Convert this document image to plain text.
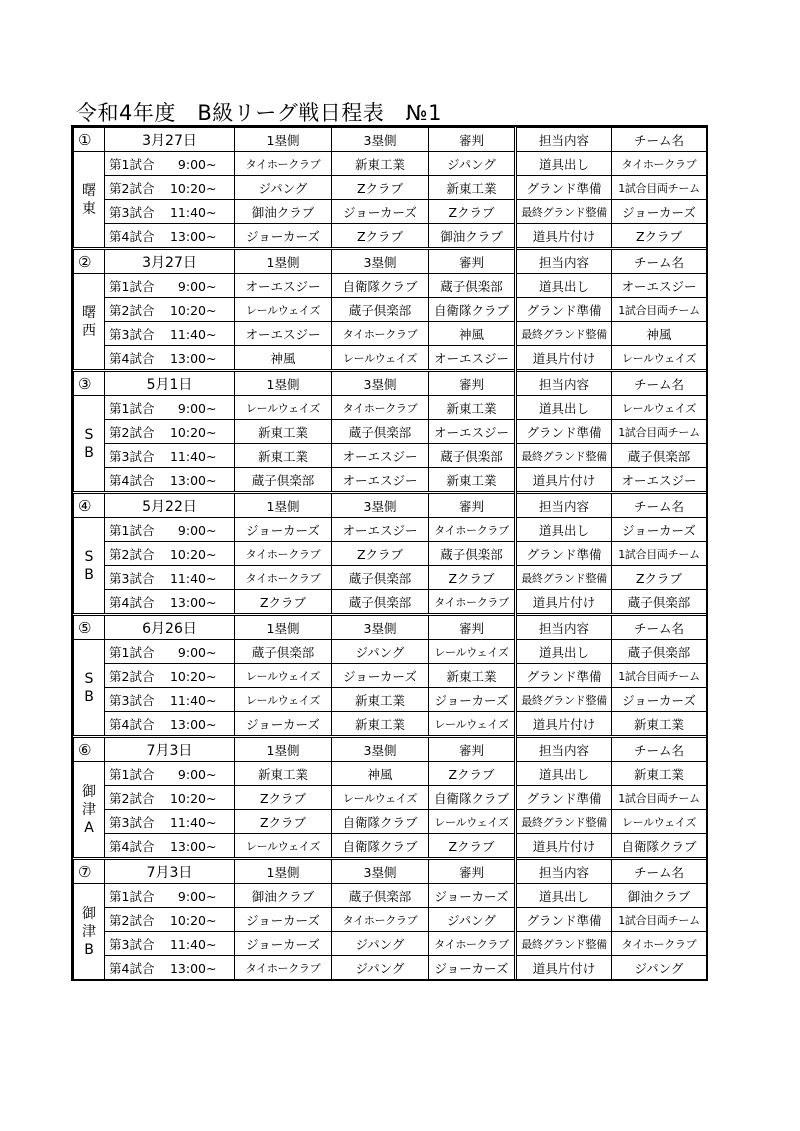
令和4年度　B級リーグ戦日程表　№1
①	3月27日	1塁側	3塁側	審判	担当内容	チーム名

曙
東	第1試合 9:00~	タイホークラブ	新東工業	ジパング	道具出し	タイホークラブ
	第2試合 10:20~	ジパング	Zクラブ	新東工業	グランド準備	1試合目両チーム
	第3試合 11:40~	御油クラブ	ジョーカーズ	Zクラブ	最終グランド整備	ジョーカーズ
	第4試合 13:00~	ジョーカーズ	Zクラブ	御油クラブ	道具片付け	Zクラブ
②	3月27日	1塁側	3塁側	審判	担当内容	チーム名

曙
西	第1試合 9:00~	オーエスジー	自衛隊クラブ	蔵子倶楽部	道具出し	オーエスジー
	第2試合 10:20~	レールウェイズ	蔵子倶楽部	自衛隊クラブ	グランド準備	1試合目両チーム
	第3試合 11:40~	オーエスジー	タイホークラブ	神風	最終グランド整備	神風
	第4試合 13:00~	神風	レールウェイズ	オーエスジー	道具片付け	レールウェイズ
③	5月1日	1塁側	3塁側	審判	担当内容	チーム名

S
B	第1試合 9:00~	レールウェイズ	タイホークラブ	新東工業	道具出し	レールウェイズ
	第2試合 10:20~	新東工業	蔵子倶楽部	オーエスジー	グランド準備	1試合目両チーム
	第3試合 11:40~	新東工業	オーエスジー	蔵子倶楽部	最終グランド整備	蔵子倶楽部
	第4試合 13:00~	蔵子倶楽部	オーエスジー	新東工業	道具片付け	オーエスジー
④	5月22日	1塁側	3塁側	審判	担当内容	チーム名

S
B	第1試合 9:00~	ジョーカーズ	オーエスジー	タイホークラブ	道具出し	ジョーカーズ
	第2試合 10:20~	タイホークラブ	Zクラブ	蔵子倶楽部	グランド準備	1試合目両チーム
	第3試合 11:40~	タイホークラブ	蔵子倶楽部	Zクラブ	最終グランド整備	Zクラブ
	第4試合 13:00~	Zクラブ	蔵子倶楽部	タイホークラブ	道具片付け	蔵子倶楽部
⑤	6月26日	1塁側	3塁側	審判	担当内容	チーム名

S
B	第1試合 9:00~	蔵子倶楽部	ジパング	レールウェイズ	道具出し	蔵子倶楽部
	第2試合 10:20~	レールウェイズ	ジョーカーズ	新東工業	グランド準備	1試合目両チーム
	第3試合 11:40~	レールウェイズ	新東工業	ジョーカーズ	最終グランド整備	ジョーカーズ
	第4試合 13:00~	ジョーカーズ	新東工業	レールウェイズ	道具片付け	新東工業
⑥	7月3日	1塁側	3塁側	審判	担当内容	チーム名

御
津
A	第1試合 9:00~	新東工業	神風	Zクラブ	道具出し	新東工業
	第2試合 10:20~	Zクラブ	レールウェイズ	自衛隊クラブ	グランド準備	1試合目両チーム
	第3試合 11:40~	Zクラブ	自衛隊クラブ	レールウェイズ	最終グランド整備	レールウェイズ
	第4試合 13:00~	レールウェイズ	自衛隊クラブ	Zクラブ	道具片付け	自衛隊クラブ
⑦	7月3日	1塁側	3塁側	審判	担当内容	チーム名

御
津
B	第1試合 9:00~	御油クラブ	蔵子倶楽部	ジョーカーズ	道具出し	御油クラブ
	第2試合 10:20~	ジョーカーズ	タイホークラブ	ジパング	グランド準備	1試合目両チーム
	第3試合 11:40~	ジョーカーズ	ジパング	タイホークラブ	最終グランド整備	タイホークラブ
	第4試合 13:00~	タイホークラブ	ジパング	ジョーカーズ	道具片付け	ジパング
